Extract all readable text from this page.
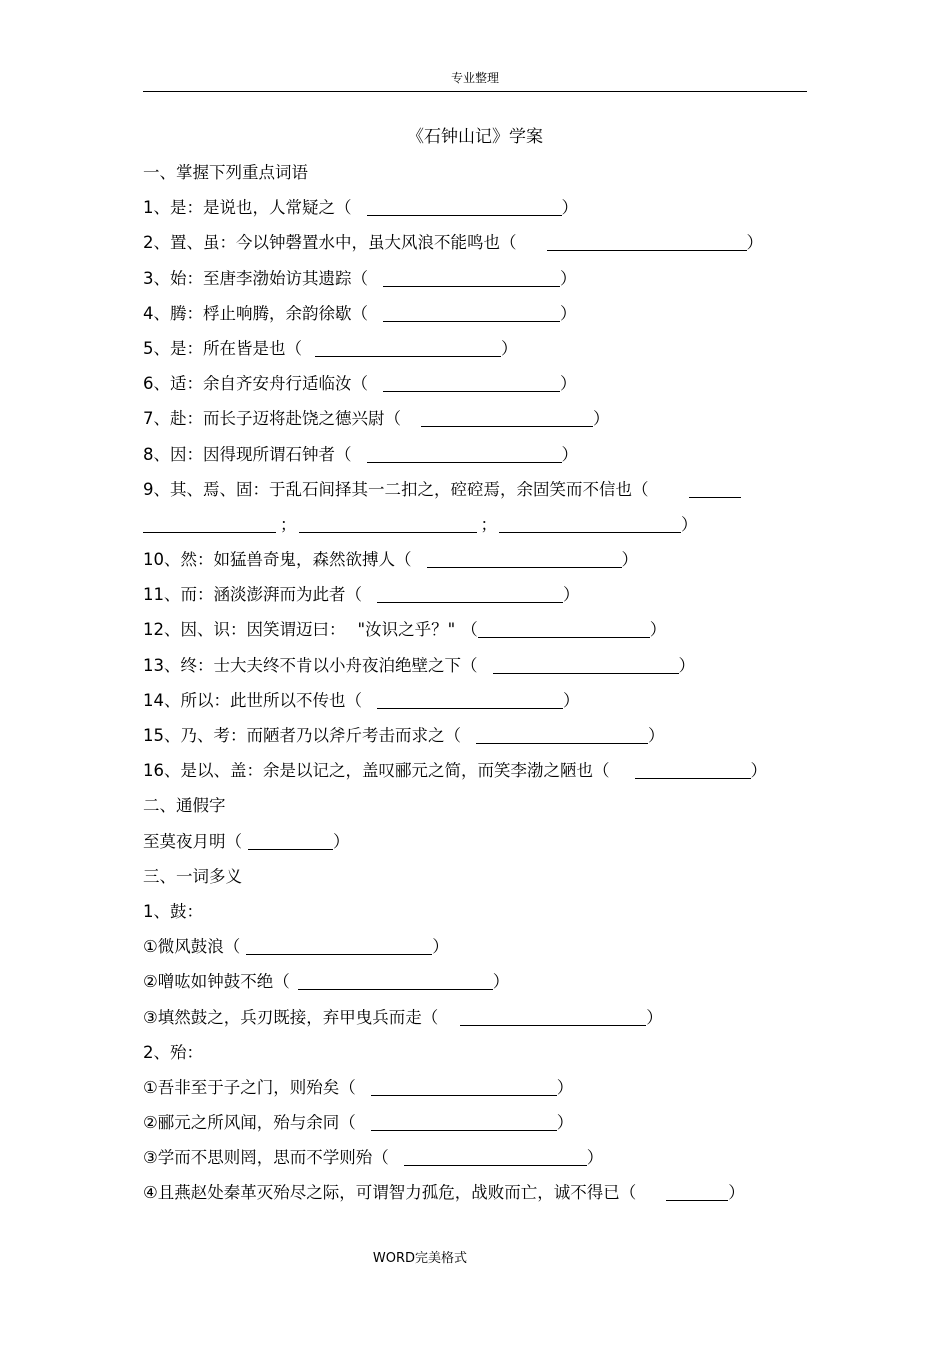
专业整理
《石钟山记》学案
一、掌握下列重点词语
1、是：是说也，人常疑之（	）
2、置、虽：今以钟磬置水中，虽大风浪不能鸣也（	）
3、始：至唐李渤始访其遗踪（	）
4、腾：桴止响腾，余韵徐歇（	）
5、是：所在皆是也（	）
6、适：余自齐安舟行适临汝（	）
7、赴：而长子迈将赴饶之德兴尉（	）
8、因：因得现所谓石钟者（	）
9、其、焉、固：于乱石间择其一二扣之，硿硿焉，余固笑而不信也（
；	；	）
10、然：如猛兽奇鬼，森然欲搏人（	）
11、而：涵淡澎湃而为此者（	）
12、因、识：因笑谓迈曰： "汝识之乎？" （	）
13、终：士大夫终不肯以小舟夜泊绝壁之下（	）
14、所以：此世所以不传也（	）
15、乃、考：而陋者乃以斧斤考击而求之（	）
16、是以、盖：余是以记之，盖叹郦元之简，而笑李渤之陋也（	）
二、通假字
至莫夜月明（	）
三、一词多义
1、鼓：
①微风鼓浪（	）
②噌吰如钟鼓不绝（	）
③填然鼓之，兵刃既接，弃甲曳兵而走（	）
2、殆：
①吾非至于子之门，则殆矣（	）
②郦元之所风闻，殆与余同（	）
③学而不思则罔，思而不学则殆（	）
④且燕赵处秦革灭殆尽之际，可谓智力孤危，战败而亡，诚不得已（	）
WORD完美格式
